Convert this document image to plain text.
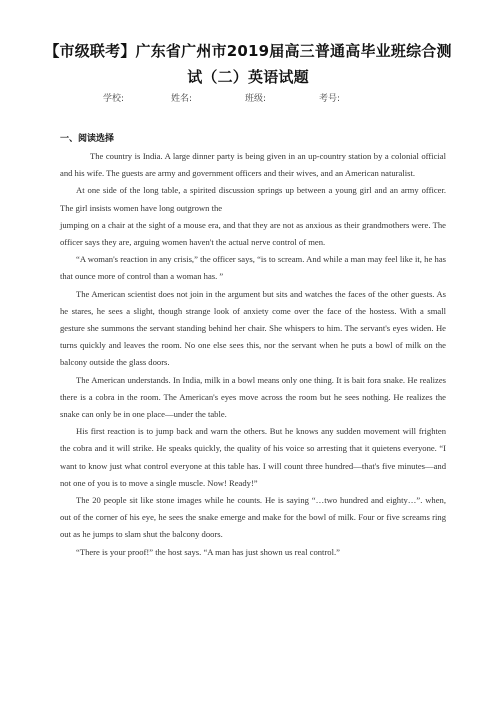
【市级联考】广东省广州市2019届高三普通高毕业班综合测
试（二）英语试题
学校:	姓名:	班级:	考号:
一、阅读选择

The country is India. A large dinner party is being given in an up-country station by a colonial official and his wife. The guests are army and government officers and their wives, and an American naturalist.

At one side of the long table, a spirited discussion springs up between a young girl and an army officer. The girl insists women have long outgrown the

jumping on a chair at the sight of a mouse era, and that they are not as anxious as their grandmothers were. The officer says they are, arguing women haven't the actual nerve control of men.

“A woman's reaction in any crisis,” the officer says, “is to scream. And while a man may feel like it, he has that ounce more of control than a woman has. ”

The American scientist does not join in the argument but sits and watches the faces of the other guests. As he stares, he sees a slight, though strange look of anxiety come over the face of the hostess. With a small gesture she summons the servant standing behind her chair. She whispers to him. The servant's eyes widen. He turns quickly and leaves the room. No one else sees this, nor the servant when he puts a bowl of milk on the balcony outside the glass doors.

The American understands. In India, milk in a bowl means only one thing. It is bait fora snake. He realizes there is a cobra in the room. The American's eyes move across the room but he sees nothing. He realizes the snake can only be in one place—under the table.

His first reaction is to jump back and warn the others. But he knows any sudden movement will frighten the cobra and it will strike. He speaks quickly, the quality of his voice so arresting that it quietens everyone. “I want to know just what control everyone at this table has. I will count three hundred—that's five minutes—and not one of you is to move a single muscle. Now! Ready!”

The 20 people sit like stone images while he counts. He is saying “…two hundred and eighty…”. when, out of the corner of his eye, he sees the snake emerge and make for the bowl of milk. Four or five screams ring out as he jumps to slam shut the balcony doors.

“There is your proof!” the host says. “A man has just shown us real control.”
